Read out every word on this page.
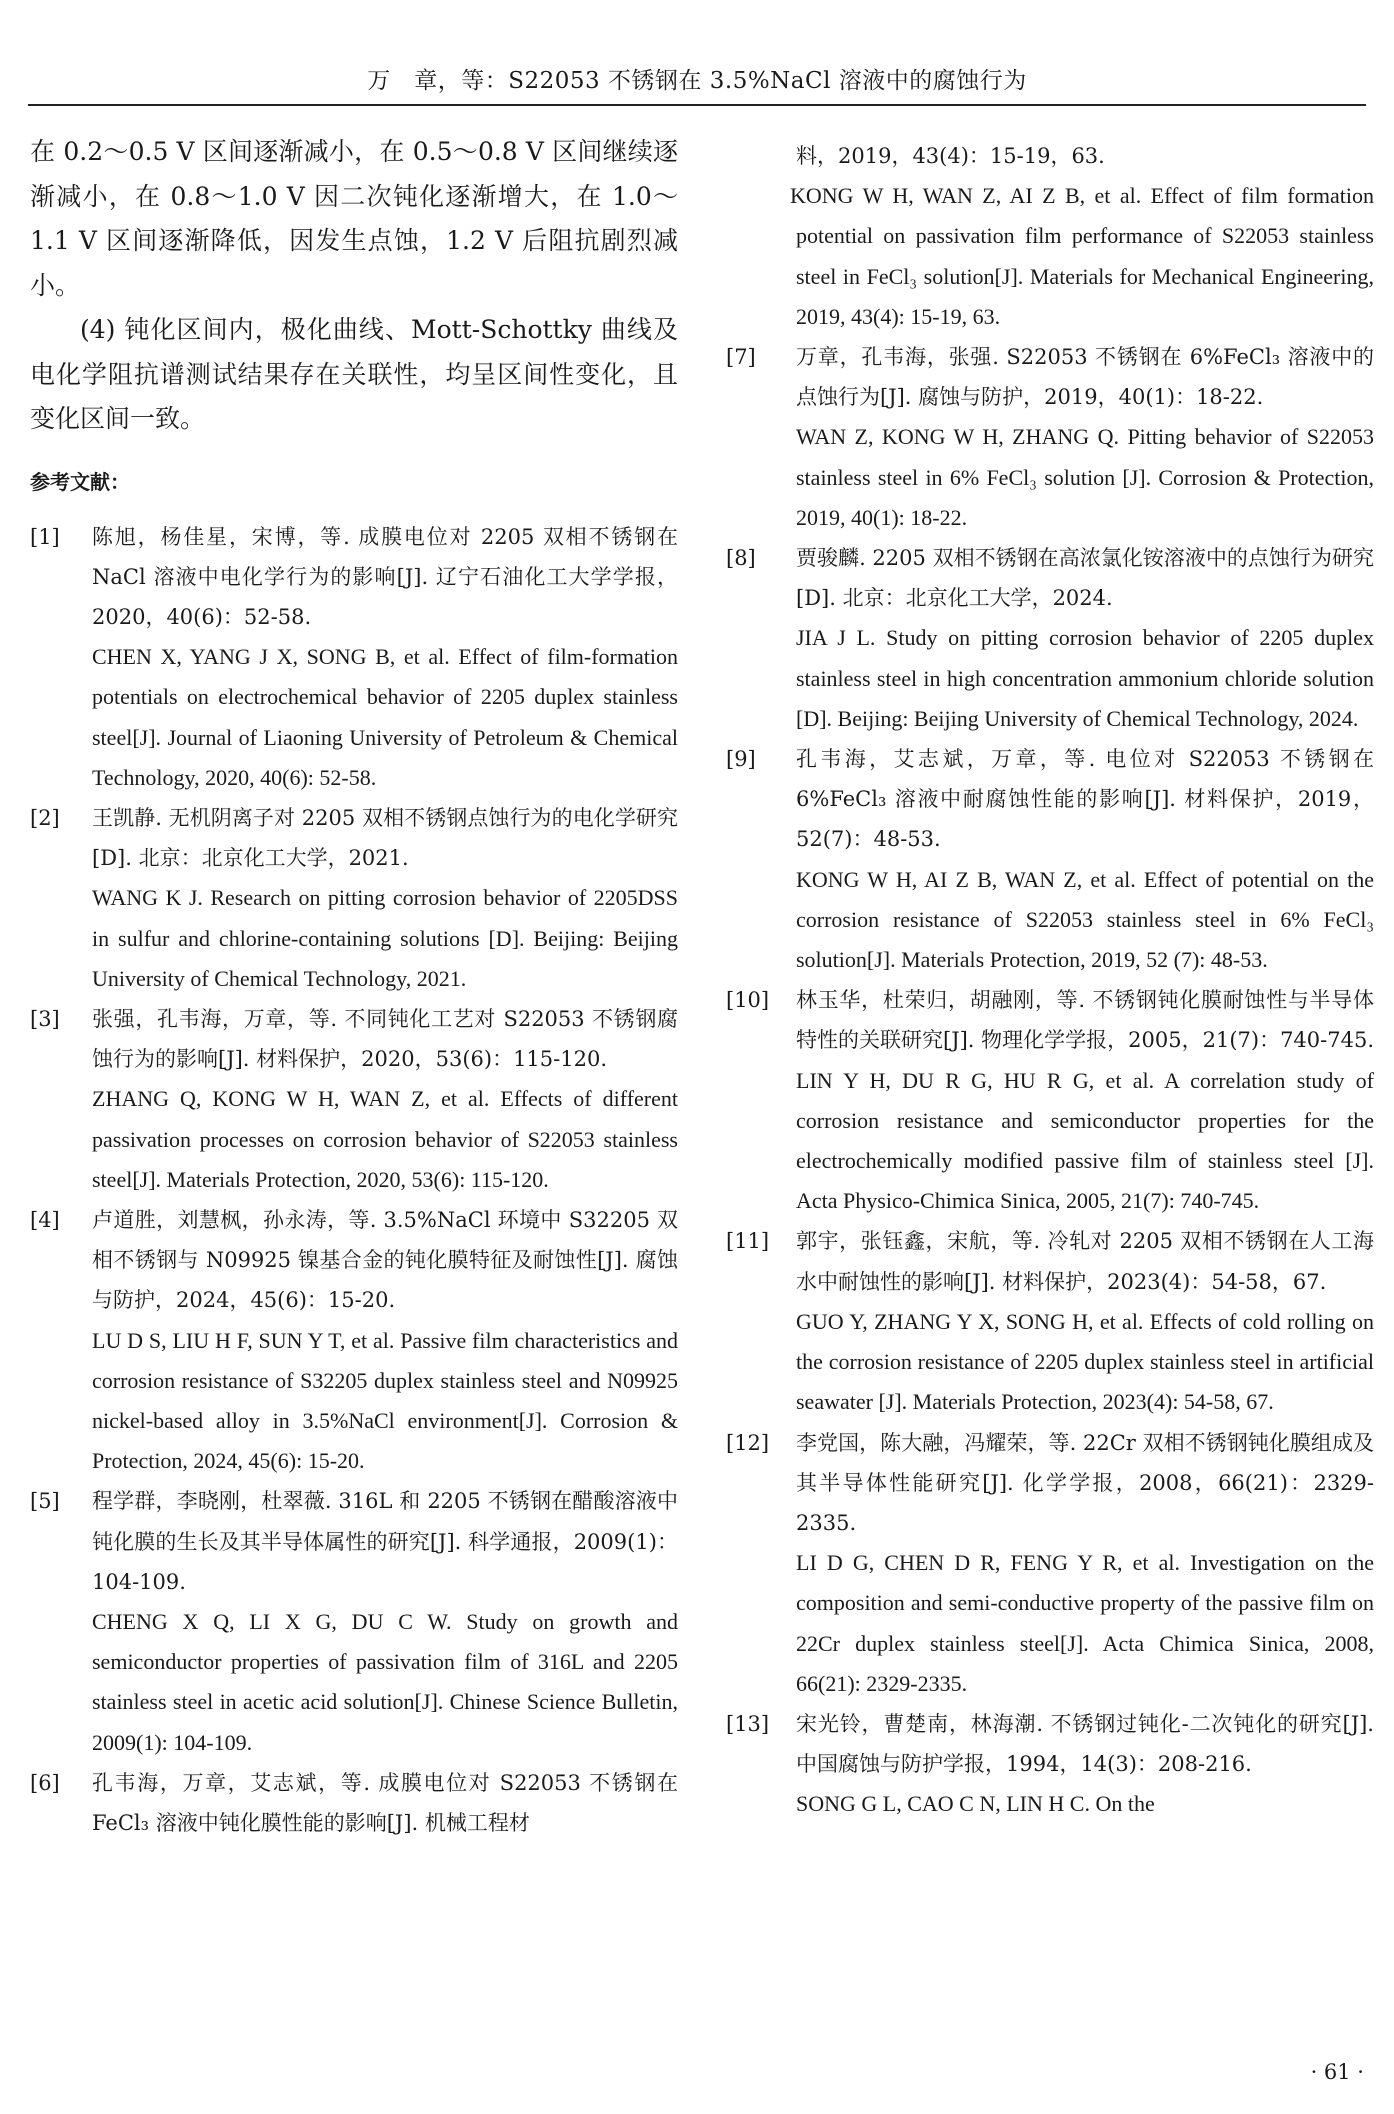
万　章，等：S22053 不锈钢在 3.5%NaCl 溶液中的腐蚀行为

在 0.2～0.5 V 区间逐渐减小，在 0.5～0.8 V 区间继续逐渐减小，在 0.8～1.0 V 因二次钝化逐渐增大，在 1.0～1.1 V 区间逐渐降低，因发生点蚀，1.2 V 后阻抗剧烈减小。

(4) 钝化区间内，极化曲线、Mott-Schottky 曲线及电化学阻抗谱测试结果存在关联性，均呈区间性变化，且变化区间一致。

参考文献：
[1] 陈旭，杨佳星，宋博，等. 成膜电位对 2205 双相不锈钢在 NaCl 溶液中电化学行为的影响[J]. 辽宁石油化工大学学报，2020，40(6)：52-58.
CHEN X, YANG J X, SONG B, et al. Effect of film-formation potentials on electrochemical behavior of 2205 duplex stainless steel[J]. Journal of Liaoning University of Petroleum & Chemical Technology, 2020, 40(6): 52-58.
[2] 王凯静. 无机阴离子对 2205 双相不锈钢点蚀行为的电化学研究[D]. 北京：北京化工大学，2021.
WANG K J. Research on pitting corrosion behavior of 2205DSS in sulfur and chlorine-containing solutions [D]. Beijing: Beijing University of Chemical Technology, 2021.
[3] 张强，孔韦海，万章，等. 不同钝化工艺对 S22053 不锈钢腐蚀行为的影响[J]. 材料保护，2020，53(6)：115-120.
ZHANG Q, KONG W H, WAN Z, et al. Effects of different passivation processes on corrosion behavior of S22053 stainless steel[J]. Materials Protection, 2020, 53(6): 115-120.
[4] 卢道胜，刘慧枫，孙永涛，等. 3.5%NaCl 环境中 S32205 双相不锈钢与 N09925 镍基合金的钝化膜特征及耐蚀性[J]. 腐蚀与防护，2024，45(6)：15-20.
LU D S, LIU H F, SUN Y T, et al. Passive film characteristics and corrosion resistance of S32205 duplex stainless steel and N09925 nickel-based alloy in 3.5%NaCl environment[J]. Corrosion & Protection, 2024, 45(6): 15-20.
[5] 程学群，李晓刚，杜翠薇. 316L 和 2205 不锈钢在醋酸溶液中钝化膜的生长及其半导体属性的研究[J]. 科学通报，2009(1)：104-109.
CHENG X Q, LI X G, DU C W. Study on growth and semiconductor properties of passivation film of 316L and 2205 stainless steel in acetic acid solution[J]. Chinese Science Bulletin, 2009(1): 104-109.
[6] 孔韦海，万章，艾志斌，等. 成膜电位对 S22053 不锈钢在 FeCl₃ 溶液中钝化膜性能的影响[J]. 机械工程材
料，2019，43(4)：15-19，63.
KONG W H, WAN Z, AI Z B, et al. Effect of film formation potential on passivation film performance of S22053 stainless steel in FeCl₃ solution[J]. Materials for Mechanical Engineering, 2019, 43(4): 15-19, 63.
[7] 万章，孔韦海，张强. S22053 不锈钢在 6%FeCl₃ 溶液中的点蚀行为[J]. 腐蚀与防护，2019，40(1)：18-22.
WAN Z, KONG W H, ZHANG Q. Pitting behavior of S22053 stainless steel in 6% FeCl₃ solution [J]. Corrosion & Protection, 2019, 40(1): 18-22.
[8] 贾骏麟. 2205 双相不锈钢在高浓氯化铵溶液中的点蚀行为研究[D]. 北京：北京化工大学，2024.
JIA J L. Study on pitting corrosion behavior of 2205 duplex stainless steel in high concentration ammonium chloride solution [D]. Beijing: Beijing University of Chemical Technology, 2024.
[9] 孔韦海，艾志斌，万章，等. 电位对 S22053 不锈钢在 6%FeCl₃ 溶液中耐腐蚀性能的影响[J]. 材料保护，2019，52(7)：48-53.
KONG W H, AI Z B, WAN Z, et al. Effect of potential on the corrosion resistance of S22053 stainless steel in 6% FeCl₃ solution[J]. Materials Protection, 2019, 52 (7): 48-53.
[10] 林玉华，杜荣归，胡融刚，等. 不锈钢钝化膜耐蚀性与半导体特性的关联研究[J]. 物理化学学报，2005，21(7)：740-745.
LIN Y H, DU R G, HU R G, et al. A correlation study of corrosion resistance and semiconductor properties for the electrochemically modified passive film of stainless steel [J]. Acta Physico-Chimica Sinica, 2005, 21(7): 740-745.
[11] 郭宇，张钰鑫，宋航，等. 冷轧对 2205 双相不锈钢在人工海水中耐蚀性的影响[J]. 材料保护，2023(4)：54-58，67.
GUO Y, ZHANG Y X, SONG H, et al. Effects of cold rolling on the corrosion resistance of 2205 duplex stainless steel in artificial seawater [J]. Materials Protection, 2023(4): 54-58, 67.
[12] 李党国，陈大融，冯耀荣，等. 22Cr 双相不锈钢钝化膜组成及其半导体性能研究[J]. 化学学报，2008，66(21)：2329-2335.
LI D G, CHEN D R, FENG Y R, et al. Investigation on the composition and semi-conductive property of the passive film on 22Cr duplex stainless steel[J]. Acta Chimica Sinica, 2008, 66(21): 2329-2335.
[13] 宋光铃，曹楚南，林海潮. 不锈钢过钝化-二次钝化的研究[J]. 中国腐蚀与防护学报，1994，14(3)：208-216.
SONG G L, CAO C N, LIN H C. On the
· 61 ·
